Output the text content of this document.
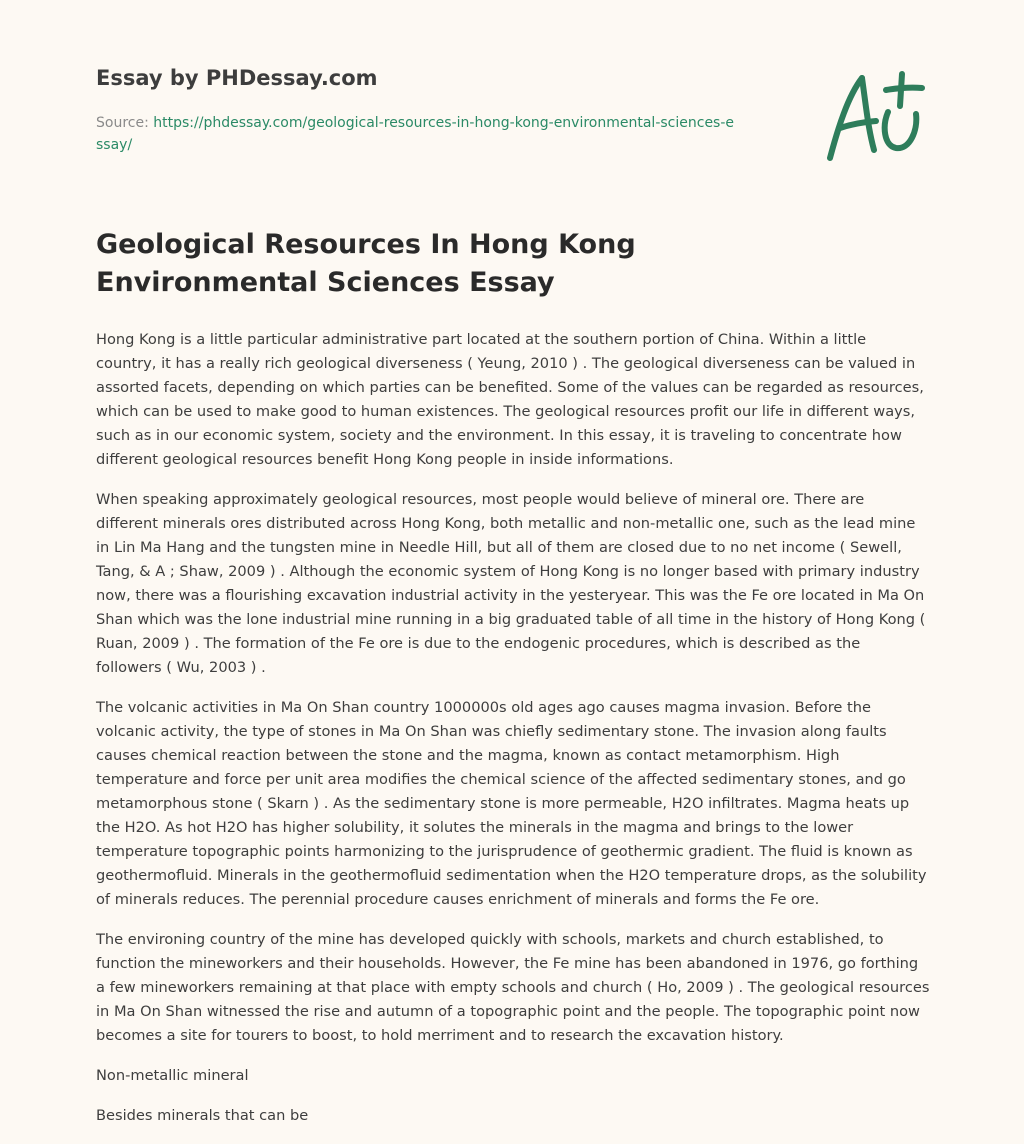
Essay by PHDessay.com
Source: https://phdessay.com/geological-resources-in-hong-kong-environmental-sciences-essay/
Geological Resources In Hong Kong Environmental Sciences Essay

Hong Kong is a little particular administrative part located at the southern portion of China. Within a little country, it has a really rich geological diverseness ( Yeung, 2010 ) . The geological diverseness can be valued in assorted facets, depending on which parties can be benefited. Some of the values can be regarded as resources, which can be used to make good to human existences. The geological resources profit our life in different ways, such as in our economic system, society and the environment. In this essay, it is traveling to concentrate how different geological resources benefit Hong Kong people in inside informations.

When speaking approximately geological resources, most people would believe of mineral ore. There are different minerals ores distributed across Hong Kong, both metallic and non-metallic one, such as the lead mine in Lin Ma Hang and the tungsten mine in Needle Hill, but all of them are closed due to no net income ( Sewell, Tang, & A ; Shaw, 2009 ) . Although the economic system of Hong Kong is no longer based with primary industry now, there was a flourishing excavation industrial activity in the yesteryear. This was the Fe ore located in Ma On Shan which was the lone industrial mine running in a big graduated table of all time in the history of Hong Kong ( Ruan, 2009 ) . The formation of the Fe ore is due to the endogenic procedures, which is described as the followers ( Wu, 2003 ) .

The volcanic activities in Ma On Shan country 1000000s old ages ago causes magma invasion. Before the volcanic activity, the type of stones in Ma On Shan was chiefly sedimentary stone. The invasion along faults causes chemical reaction between the stone and the magma, known as contact metamorphism. High temperature and force per unit area modifies the chemical science of the affected sedimentary stones, and go metamorphous stone ( Skarn ) . As the sedimentary stone is more permeable, H2O infiltrates. Magma heats up the H2O. As hot H2O has higher solubility, it solutes the minerals in the magma and brings to the lower temperature topographic points harmonizing to the jurisprudence of geothermic gradient. The fluid is known as geothermofluid. Minerals in the geothermofluid sedimentation when the H2O temperature drops, as the solubility of minerals reduces. The perennial procedure causes enrichment of minerals and forms the Fe ore.

The environing country of the mine has developed quickly with schools, markets and church established, to function the mineworkers and their households. However, the Fe mine has been abandoned in 1976, go forthing a few mineworkers remaining at that place with empty schools and church ( Ho, 2009 ) . The geological resources in Ma On Shan witnessed the rise and autumn of a topographic point and the people. The topographic point now becomes a site for tourers to boost, to hold merriment and to research the excavation history.

Non-metallic mineral

Besides minerals that can be
